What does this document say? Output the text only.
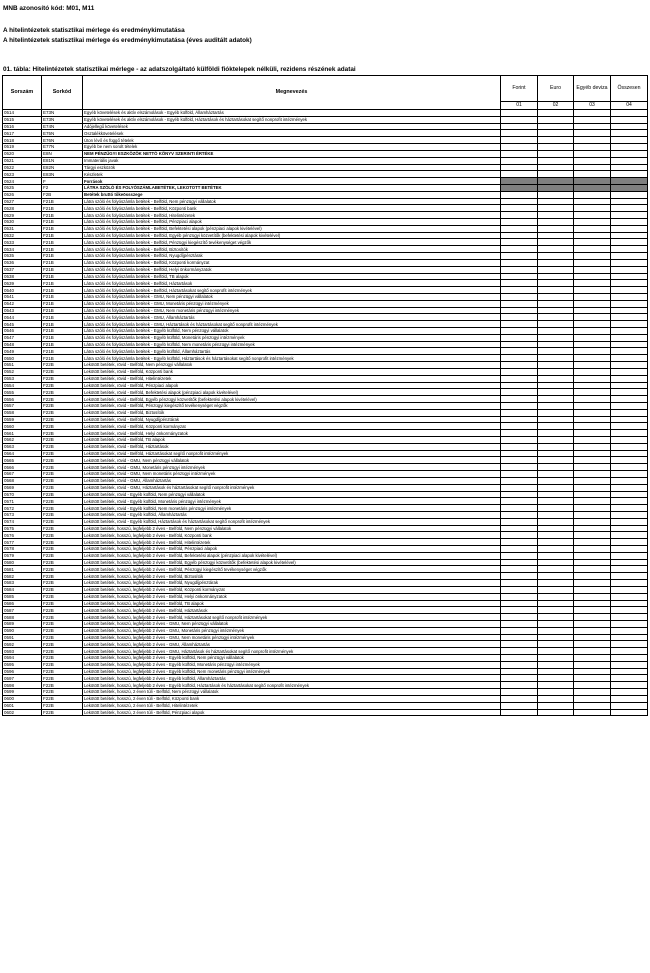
MNB azonosító kód: M01, M11
A hitelintézetek statisztikai mérlege és eredménykimutatása
A hitelintézetek statisztikai mérlege és eredménykimutatása (éves auditált adatok)
01. tábla: Hitelintézetek statisztikai mérlege - az adatszolgáltató külföldi fióktelepek nélküli, rezidens részének adatai
Sorszám	Sorkód	Megnevezés	Forint	Euro	Egyéb deviza	Összesen
			01	02	03	04
0514	E73N	Egyéb követelések és aktív elszámolások - Egyéb külföld, Államháztartás				
0515	E73N	Egyéb követelések és aktív elszámolások - Egyéb külföld, Háztartások és háztartásokat segítő nonprofit intézmények				
0516	E74N	Adójellegű követelések				
0517	E75N	Osztalékkövetelések				
0518	E76N	Úton lévő és függő tételek				
0519	E77N	Egyéb be nem sorolt tételek				
0520	E8N	NEM PÉNZÜGYI ESZKÖZÖK NETTÓ KÖNYV SZERINTI ÉRTÉKE				
0521	E81N	Immateriális javak				
0522	E82N	Tárgyi eszközök				
0523	E83N	Készletek				
0524	F	Források				
0525	F2	LÁTRA SZÓLÓ ÉS FOLYÓSZÁMLABETÉTEK, LEKOTOTT BETÉTEK				
0526	F2B	Betétek bruttó tőkeössszege				
0527	F21B	Látra szóló és folyószámla betétek - Belföld, Nem pénzügyi vállalatok				
0528	F21B	Látra szóló és folyószámla betétek - Belföld, Központi bank				
0529	F21B	Látra szóló és folyószámla betétek - Belföld, Hitelintézetek				
0530	F21B	Látra szóló és folyószámla betétek - Belföld, Pénzpiaci alapok				
0531	F21B	Látra szóló és folyószámla betétek - Belföld, Befektetési alapok (pénzpiaci alapok kivételével)				
0532	F21B	Látra szóló és folyószámla betétek - Belföld, Egyéb pénzügyi közvetítők (befektetési alapok kivételével)				
0533	F21B	Látra szóló és folyószámla betétek - Belföld, Pénzügyi kiegészítő tevékenységet végzők				
0534	F21B	Látra szóló és folyószámla betétek - Belföld, Biztosítók				
0535	F21B	Látra szóló és folyószámla betétek - Belföld, Nyugdíjpénztárak				
0536	F21B	Látra szóló és folyószámla betétek - Belföld, Központi kormányzat				
0537	F21B	Látra szóló és folyószámla betétek - Belföld, Helyi önkormányzatok				
0538	F21B	Látra szóló és folyószámla betétek - Belföld, TB alapok				
0539	F21B	Látra szóló és folyószámla betétek - Belföld, Háztartások				
0540	F21B	Látra szóló és folyószámla betétek - Belföld, Háztartásokat segítő nonprofit intézmények				
0541	F21B	Látra szóló és folyószámla betétek - GMU, Nem pénzügyi vállalatok				
0542	F21B	Látra szóló és folyószámla betétek - GMU, Monetáris pénzügyi intézmények				
0543	F21B	Látra szóló és folyószámla betétek - GMU, Nem monetáris pénzügyi intézmények				
0544	F21B	Látra szóló és folyószámla betétek - GMU, Államháztartás				
0545	F21B	Látra szóló és folyószámla betétek - GMU, Háztartások és háztartásokat segítő nonprofit intézmények				
0546	F21B	Látra szóló és folyószámla betétek - Egyéb külföld, Nem pénzügyi vállalatok				
0547	F21B	Látra szóló és folyószámla betétek - Egyéb külföld, Monetáris pénzügyi intézmények				
0548	F21B	Látra szóló és folyószámla betétek - Egyéb külföld, Nem monetáris pénzügyi intézmények				
0549	F21B	Látra szóló és folyószámla betétek - Egyéb külföld, Államháztartás				
0550	F21B	Látra szóló és folyószámla betétek - Egyéb külföld, Háztartások és háztartásokat segítő nonprofit intézmények				
0551	F22B	Lekötött betétek, rövid - Belföld, Nem pénzügyi vállalatok				
0552	F22B	Lekötött betétek, rövid - Belföld, Központi bank				
0553	F22B	Lekötött betétek, rövid - Belföld, Hitelintézetek				
0554	F22B	Lekötött betétek, rövid - Belföld, Pénzpiaci alapok				
0555	F22B	Lekötött betétek, rövid - Belföld, Befektetési alapok (pénzpiaci alapok kivételével)				
0556	F22B	Lekötött betétek, rövid - Belföld, Egyéb pénzügyi közvetítők (befektetési alapok kivételével)				
0557	F22B	Lekötött betétek, rövid - Belföld, Pénzügyi kiegészítő tevékenységet végzők				
0558	F22B	Lekötött betétek, rövid - Belföld, Biztosítók				
0559	F22B	Lekötött betétek, rövid - Belföld, Nyugdíjpénztárak				
0560	F22B	Lekötött betétek, rövid - Belföld, Központi kormányzat				
0561	F22B	Lekötött betétek, rövid - Belföld, Helyi önkormányzatok				
0562	F22B	Lekötött betétek, rövid - Belföld, TB alapok				
0563	F22B	Lekötött betétek, rövid - Belföld, Háztartások				
0564	F22B	Lekötött betétek, rövid - Belföld, Háztartásokat segítő nonprofit intézmények				
0565	F22B	Lekötött betétek, rövid - GMU, Nem pénzügyi vállalatok				
0566	F22B	Lekötött betétek, rövid - GMU, Monetáris pénzügyi intézmények				
0567	F22B	Lekötött betétek, rövid - GMU, Nem monetáris pénzügyi intézmények				
0568	F22B	Lekötött betétek, rövid - GMU, Államháztartás				
0569	F22B	Lekötött betétek, rövid - GMU, Háztartások és háztartásokat segítő nonprofit intézmények				
0570	F22B	Lekötött betétek, rövid - Egyéb külföld, Nem pénzügyi vállalatok				
0571	F22B	Lekötött betétek, rövid - Egyéb külföld, Monetáris pénzügyi intézmények				
0572	F22B	Lekötött betétek, rövid - Egyéb külföld, Nem monetáris pénzügyi intézmények				
0573	F22B	Lekötött betétek, rövid - Egyéb külföld, Államháztartás				
0574	F22B	Lekötött betétek, rövid - Egyéb külföld, Háztartások és háztartásokat segítő nonprofit intézmények				
0575	F22B	Lekötött betétek, hosszú, legfeljebb 2 éves - Belföld, Nem pénzügyi vállalatok				
0576	F22B	Lekötött betétek, hosszú, legfeljebb 2 éves - Belföld, Központi bank				
0577	F22B	Lekötött betétek, hosszú, legfeljebb 2 éves - Belföld, Hitelintézetek				
0578	F22B	Lekötött betétek, hosszú, legfeljebb 2 éves - Belföld, Pénzpiaci alapok				
0579	F22B	Lekötött betétek, hosszú, legfeljebb 2 éves - Belföld, Befektetési alapok (pénzpiaci alapok kivételével)				
0580	F22B	Lekötött betétek, hosszú, legfeljebb 2 éves - Belföld, Egyéb pénzügyi közvetítők (befektetési alapok kivételével)				
0581	F22B	Lekötött betétek, hosszú, legfeljebb 2 éves - Belföld, Pénzügyi kiegészítő tevékenységet végzők				
0582	F22B	Lekötött betétek, hosszú, legfeljebb 2 éves - Belföld, Biztosítók				
0583	F22B	Lekötött betétek, hosszú, legfeljebb 2 éves - Belföld, Nyugdíjpénztárak				
0584	F22B	Lekötött betétek, hosszú, legfeljebb 2 éves - Belföld, Központi kormányzat				
0585	F22B	Lekötött betétek, hosszú, legfeljebb 2 éves - Belföld, Helyi önkormányzatok				
0586	F22B	Lekötött betétek, hosszú, legfeljebb 2 éves - Belföld, TB alapok				
0587	F22B	Lekötött betétek, hosszú, legfeljebb 2 éves - Belföld, Háztartások				
0588	F22B	Lekötött betétek, hosszú, legfeljebb 2 éves - Belföld, Háztartásokat segítő nonprofit intézmények				
0589	F22B	Lekötött betétek, hosszú, legfeljebb 2 éves - GMU, Nem pénzügyi vállalatok				
0590	F22B	Lekötött betétek, hosszú, legfeljebb 2 éves - GMU, Monetáris pénzügyi intézmények				
0591	F22B	Lekötött betétek, hosszú, legfeljebb 2 éves - GMU, Nem monetáris pénzügyi intézmények				
0592	F22B	Lekötött betétek, hosszú, legfeljebb 2 éves - GMU, Államháztartás				
0593	F22B	Lekötött betétek, hosszú, legfeljebb 2 éves - GMU, Háztartások és háztartásokat segítő nonprofit intézmények				
0594	F22B	Lekötött betétek, hosszú, legfeljebb 2 éves - Egyéb külföld, Nem pénzügyi vállalatok				
0595	F22B	Lekötött betétek, hosszú, legfeljebb 2 éves - Egyéb külföld, Monetáris pénzügyi intézmények				
0596	F22B	Lekötött betétek, hosszú, legfeljebb 2 éves - Egyéb külföld, Nem monetáris pénzügyi intézmények				
0597	F22B	Lekötött betétek, hosszú, legfeljebb 2 éves - Egyéb külföld, Államháztartás				
0598	F22B	Lekötött betétek, hosszú, legfeljebb 2 éves - Egyéb külföld, Háztartások és háztartásokat segítő nonprofit intézmények				
0599	F22B	Lekötött betétek, hosszú, 2 éven túli - Belföld, Nem pénzügyi vállalatok				
0600	F22B	Lekötött betétek, hosszú, 2 éven túli - Belföld, Központi bank				
0601	F22B	Lekötött betétek, hosszú, 2 éven túli - Belföld, Hitelintézetek				
0602	F22B	Lekötött betétek, hosszú, 2 éven túli - Belföld, Pénzpiaci alapok				
